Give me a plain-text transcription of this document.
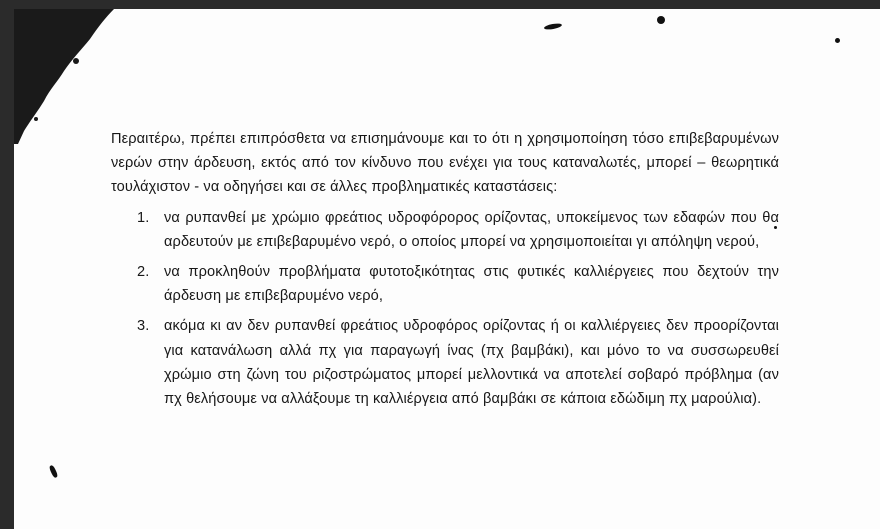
Περαιτέρω, πρέπει επιπρόσθετα να επισημάνουμε και το ότι η χρησιμοποίηση τόσο επιβεβαρυμένων νερών στην άρδευση, εκτός από τον κίνδυνο που ενέχει για τους καταναλωτές, μπορεί – θεωρητικά τουλάχιστον - να οδηγήσει και σε άλλες προβληματικές καταστάσεις:
1. να ρυπανθεί με χρώμιο φρεάτιος υδροφόρορος ορίζοντας, υποκείμενος των εδαφών που θα αρδευτούν με επιβεβαρυμένο νερό, ο οποίος μπορεί να χρησιμοποιείται γι απόληψη νερού,
2. να προκληθούν προβλήματα φυτοτοξικότητας στις φυτικές καλλιέργειες που δεχτούν την άρδευση με επιβεβαρυμένο νερό,
3. ακόμα κι αν δεν ρυπανθεί φρεάτιος υδροφόρος ορίζοντας ή οι καλλιέργειες δεν προορίζονται για κατανάλωση αλλά πχ για παραγωγή ίνας (πχ βαμβάκι), και μόνο το να συσσωρευθεί χρώμιο στη ζώνη του ριζοστρώματος μπορεί μελλοντικά να αποτελεί σοβαρό πρόβλημα (αν πχ θελήσουμε να αλλάξουμε τη καλλιέργεια από βαμβάκι σε κάποια εδώδιμη πχ μαρούλια).
